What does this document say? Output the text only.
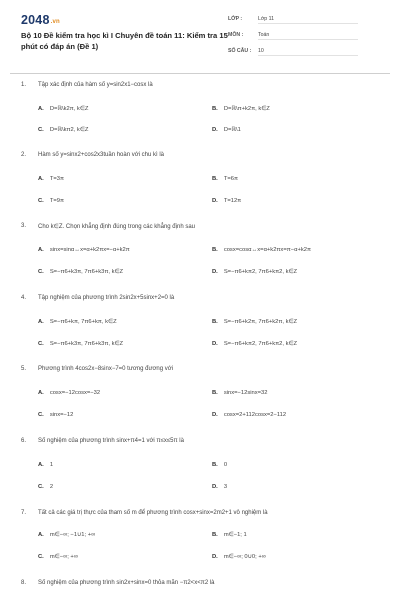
2048.vn
Bộ 10 Đề kiểm tra học kì I Chuyên đề toán 11: Kiểm tra 15 phút có đáp án (Đề 1)
LỚP :	Lớp 11
MÔN :	Toán
SỐ CÂU : 10
1. Tập xác định của hàm số y=sin2x1−cosx là
A. D=ℝ\k2π, k∈Z	B. D=ℝ\π+k2π, k∈Z
C. D=ℝ\kπ2, k∈Z	D. D=ℝ\1
2. Hàm số y=sinx2+cos2x3tuần hoàn với chu kì là
A. T=3π	B. T=6π
C. T=9π	D. T=12π
3. Cho k∈Z. Chọn khẳng định đúng trong các khẳng định sau
A. sinx=sinα↔x=α+k2πx=−α+k2π	B. cosx=cosα↔x=α+k2πx=π−α+k2π
C. S=−π6+k3π, 7π6+k3π, k∈Z	D. S=−π6+kπ2, 7π6+kπ2, k∈Z
4. Tập nghiệm của phương trình 2sin2x+5sinx+2=0 là
A. S=−π6+kπ, 7π6+kπ, k∈Z	B. S=−π6+k2π, 7π6+k2π, k∈Z
C. S=−π6+k3π, 7π6+k3π, k∈Z	D. S=−π6+kπ2, 7π6+kπ2, k∈Z
5. Phương trình 4cos2x−8sinx−7=0 tương đương với
A. cosx=−12cosx=−32	B. sinx=−12sinx=32
C. sinx=−12	D. cosx=2+112cosx=2−112
6. Số nghiệm của phương trình sinx+π4=1 với π≤x≤5π là
A. 1	B. 0
C. 2	D. 3
7. Tất cả các giá trị thực của tham số m để phương trình cosx+sinx=2m2+1 vô nghiệm là
A. m∈−∞; −1∪1; +∞	B. m∈−1; 1
C. m∈−∞; +∞	D. m∈−∞; 0∪0; +∞
8. Số nghiệm của phương trình sin2x+sinx=0 thỏa mãn −π2<x<π2 là
